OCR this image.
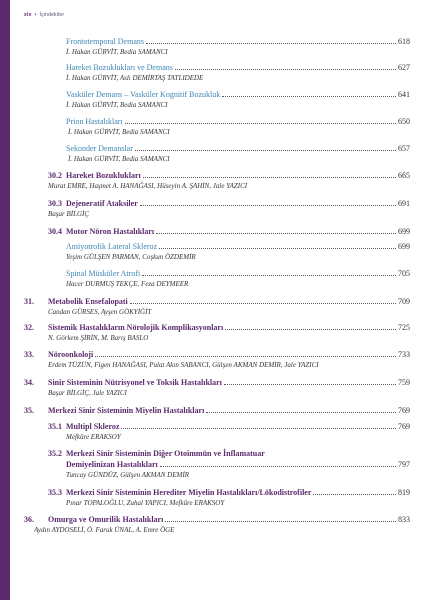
xiv • İçindekiler
Frontotemporal Demans	618
İ. Hakan GÜRVİT, Bedia SAMANCI
Hareket Bozuklukları ve Demans	627
İ. Hakan GÜRVİT, Aslı DEMİRTAŞ TATLIDEDE
Vasküler Demans – Vasküler Kognitif Bozukluk	641
İ. Hakan GÜRVİT, Bedia SAMANCI
Prion Hastalıkları	650
İ. Hakan GÜRVİT, Bedia SAMANCI
Sekonder Demanslar	657
İ. Hakan GÜRVİT, Bedia SAMANCI
30.2 Hareket Bozuklukları	665
Murat EMRE, Haşmet A. HANAĞASI, Hüseyin A. ŞAHİN, Jale YAZICI
30.3 Dejeneratif Ataksiler	691
Başar BİLGİÇ
30.4 Motor Nöron Hastalıkları	699
Amiyotrofik Lateral Skleroz	699
Yeşim GÜLŞEN PARMAN, Coşkun ÖZDEMİR
Spinal Müsküler Atrofi	705
Hacer DURMUŞ TEKÇE, Feza DEYMEER
31. Metabolik Ensefalopati	709
Candan GÜRSES, Ayşen GÖKYİĞİT
32. Sistemik Hastalıkların Nörolojik Komplikasyonları	725
N. Görkem ŞİRİN, M. Barış BASLO
33. Nöroonkoloji	733
Erdem TÜZÜN, Figen HANAĞASI, Pulat Akın SABANCI, Gülşen AKMAN DEMİR, Jale YAZICI
34. Sinir Sisteminin Nütrisyonel ve Toksik Hastalıkları	759
Başar BİLGİÇ, Jale YAZICI
35. Merkezi Sinir Sisteminin Miyelin Hastalıkları	769
35.1 Multipl Skleroz	769
Mefkûre ERAKSOY
35.2 Merkezi Sinir Sisteminin Diğer Otoimmün ve İnflamatuar
Demiyelinizan Hastalıkları	797
Tuncay GÜNDÜZ, Gülşen AKMAN DEMİR
35.3 Merkezi Sinir Sisteminin Herediter Miyelin Hastalıkları/Lökodistrofiler	819
Pınar TOPALOĞLU, Zuhal YAPICI, Mefkûre ERAKSOY
36. Omurga ve Omurilik Hastalıkları	833
Aydın AYDOSELİ, Ö. Faruk ÜNAL, A. Emre ÖGE
